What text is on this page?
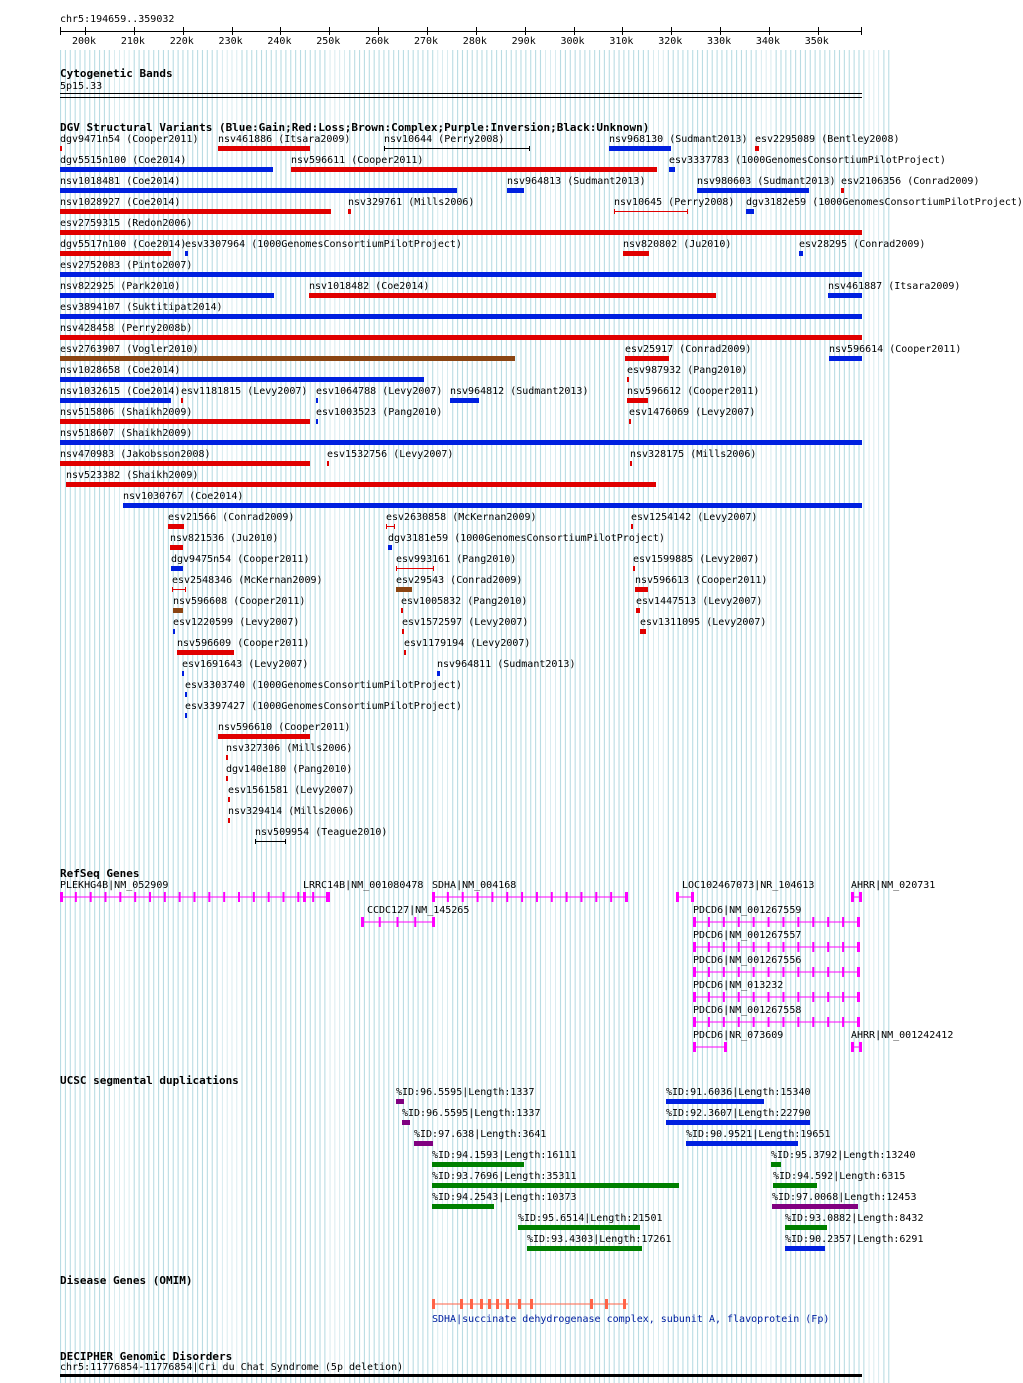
chr5:194659..359032
200k 210k 220k 230k 240k 250k 260k 270k 280k 290k 300k 310k 320k 330k 340k 350k
Cytogenetic Bands
5p15.33
DGV Structural Variants (Blue:Gain;Red:Loss;Brown:Complex;Purple:Inversion;Black:Unknown)
dgv9471n54 (Cooper2011) nsv461886 (Itsara2009)	nsv10644 (Perry2008)	nsv968130 (Sudmant2013) esv2295089 (Bentley2008)
dgv5515n100 (Coe2014)	nsv596611 (Cooper2011)	esv3337783 (1000GenomesConsortiumPilotProject)
nsv1018481 (Coe2014)	nsv964813 (Sudmant2013)	nsv980603 (Sudmant2013) esv2106356 (Conrad2009)
nsv1028927 (Coe2014)	nsv329761 (Mills2006)	nsv10645 (Perry2008) dgv3182e59 (1000GenomesConsortiumPilotProject)
esv2759315 (Redon2006)
dgv5517n100 (Coe2014)
esv3307964 (1000GenomesConsortiumPilotProject)	nsv820802 (Ju2010)	esv28295 (Conrad2009)
esv2752083 (Pinto2007)
nsv822925 (Park2010)	nsv1018482 (Coe2014)	nsv461887 (Itsara2009)
esv3894107 (Suktitipat2014)
nsv428458 (Perry2008b)
esv2763907 (Vogler2010)	esv25917 (Conrad2009)	nsv596614 (Cooper2011)
nsv1028658 (Coe2014)	esv987932 (Pang2010)
nsv1032615 (Coe2014) esv1181815 (Levy2007) esv1064788 (Levy2007) nsv964812 (Sudmant2013)	nsv596612 (Cooper2011)
nsv515806 (Shaikh2009)	esv1003523 (Pang2010)	esv1476069 (Levy2007)
nsv518607 (Shaikh2009)
nsv470983 (Jakobsson2008)	esv1532756 (Levy2007)	nsv328175 (Mills2006)
nsv523382 (Shaikh2009)
nsv1030767 (Coe2014)
esv21566 (Conrad2009)	esv2630858 (McKernan2009)	esv1254142 (Levy2007)
nsv821536 (Ju2010)	dgv3181e59 (1000GenomesConsortiumPilotProject)
dgv9475n54 (Cooper2011)	esv993161 (Pang2010)	esv1599885 (Levy2007)
esv2548346 (McKernan2009)	esv29543 (Conrad2009)	nsv596613 (Cooper2011)
nsv596608 (Cooper2011)	esv1005832 (Pang2010)	esv1447513 (Levy2007)
esv1220599 (Levy2007)	esv1572597 (Levy2007)	esv1311095 (Levy2007)
nsv596609 (Cooper2011)	esv1179194 (Levy2007)
esv1691643 (Levy2007)	nsv964811 (Sudmant2013)
esv3303740 (1000GenomesConsortiumPilotProject)
esv3397427 (1000GenomesConsortiumPilotProject)
nsv596610 (Cooper2011)
nsv327306 (Mills2006)
dgv140e180 (Pang2010)
esv1561581 (Levy2007)
nsv329414 (Mills2006)
nsv509954 (Teague2010)
RefSeq Genes
PLEKHG4B|NM_052909	LRRC14B|NM_001080478 SDHA|NM_004168	LOC102467073|NR_104613	AHRR|NM_020731
CCDC127|NM_145265	PDCD6|NM_001267559
PDCD6|NM_001267557
PDCD6|NM_001267556
PDCD6|NM_013232
PDCD6|NM_001267558
PDCD6|NR_073609	AHRR|NM_001242412
UCSC segmental duplications
%ID:96.5595|Length:1337	%ID:91.6036|Length:15340
%ID:96.5595|Length:1337	%ID:92.3607|Length:22790
%ID:97.638|Length:3641	%ID:90.9521|Length:19651
%ID:94.1593|Length:16111	%ID:95.3792|Length:13240
%ID:93.7696|Length:35311	%ID:94.592|Length:6315
%ID:94.2543|Length:10373	%ID:97.0068|Length:12453
%ID:95.6514|Length:21501	%ID:93.0882|Length:8432
%ID:93.4303|Length:17261	%ID:90.2357|Length:6291
Disease Genes (OMIM)
SDHA|succinate dehydrogenase complex, subunit A, flavoprotein (Fp)
DECIPHER Genomic Disorders
chr5:11776854-11776854|Cri du Chat Syndrome (5p deletion)
